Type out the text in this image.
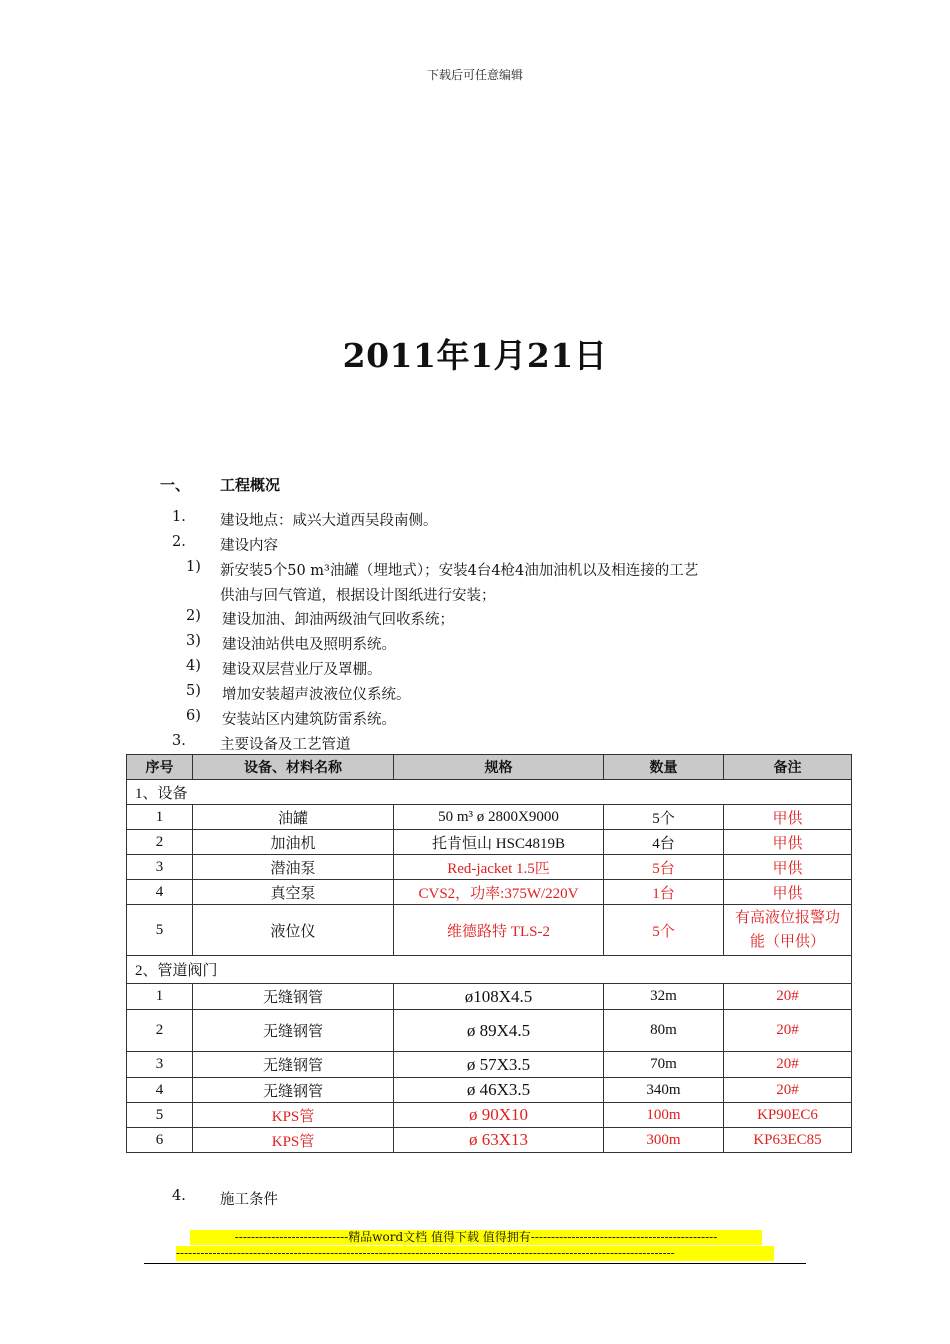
下载后可任意编辑
2011年1月21日
一、 工程概况
1. 建设地点：咸兴大道西吴段南侧。
2. 建设内容
1) 新安装5个50 m³油罐（埋地式）；安装4台4枪4油加油机以及相连接的工艺
供油与回气管道，根据设计图纸进行安装；
2) 建设加油、卸油两级油气回收系统；
3) 建设油站供电及照明系统。
4) 建设双层营业厅及罩棚。
5) 增加安装超声波液位仪系统。
6) 安装站区内建筑防雷系统。
3. 主要设备及工艺管道
序号	设备、材料名称	规格	数量	备注
1、设备				
1	油罐	50 m³ ø 2800X9000	5个	甲供
2	加油机	托肯恒山 HSC4819B	4台	甲供
3	潜油泵	Red-jacket 1.5匹	5台	甲供
4	真空泵	CVS2，功率:375W/220V	1台	甲供
5	液位仪	维德路特 TLS-2	5个	有高液位报警功能（甲供）
2、管道阀门				
1	无缝钢管	ø108X4.5	32m	20#
2	无缝钢管	ø 89X4.5	80m	20#
3	无缝钢管	ø 57X3.5	70m	20#
4	无缝钢管	ø 46X3.5	340m	20#
5	KPS管	ø 90X10	100m	KP90EC6
6	KPS管	ø 63X13	300m	KP63EC85
4. 施工条件
----------------------------精品word文档 值得下载 值得拥有----------------------------------------------
---------------------------------------------------------------------------------------------------------------------------
